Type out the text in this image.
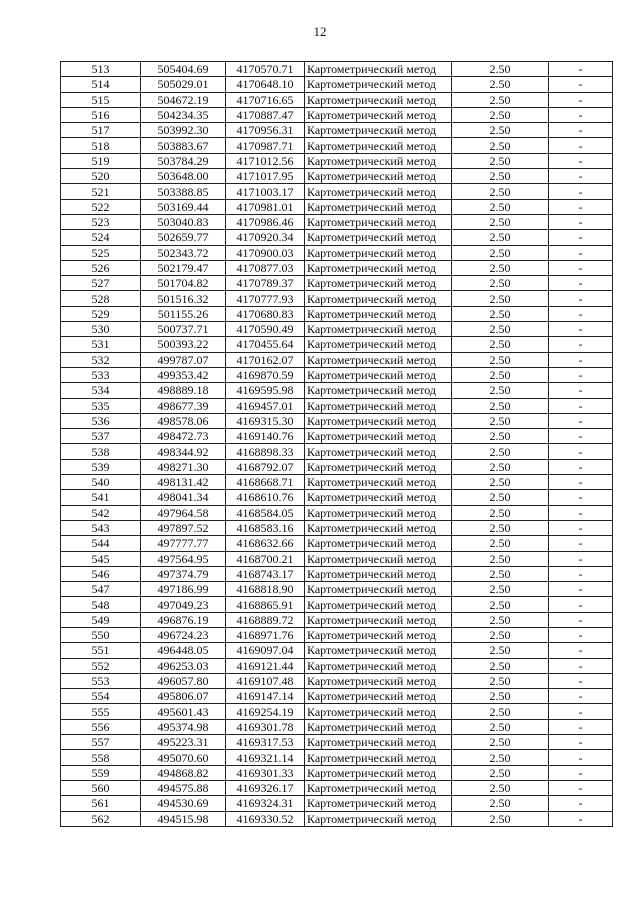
12
513	505404.69	4170570.71	Картометрический метод	2.50	-
514	505029.01	4170648.10	Картометрический метод	2.50	-
515	504672.19	4170716.65	Картометрический метод	2.50	-
516	504234.35	4170887.47	Картометрический метод	2.50	-
517	503992.30	4170956.31	Картометрический метод	2.50	-
518	503883.67	4170987.71	Картометрический метод	2.50	-
519	503784.29	4171012.56	Картометрический метод	2.50	-
520	503648.00	4171017.95	Картометрический метод	2.50	-
521	503388.85	4171003.17	Картометрический метод	2.50	-
522	503169.44	4170981.01	Картометрический метод	2.50	-
523	503040.83	4170986.46	Картометрический метод	2.50	-
524	502659.77	4170920.34	Картометрический метод	2.50	-
525	502343.72	4170900.03	Картометрический метод	2.50	-
526	502179.47	4170877.03	Картометрический метод	2.50	-
527	501704.82	4170789.37	Картометрический метод	2.50	-
528	501516.32	4170777.93	Картометрический метод	2.50	-
529	501155.26	4170680.83	Картометрический метод	2.50	-
530	500737.71	4170590.49	Картометрический метод	2.50	-
531	500393.22	4170455.64	Картометрический метод	2.50	-
532	499787.07	4170162.07	Картометрический метод	2.50	-
533	499353.42	4169870.59	Картометрический метод	2.50	-
534	498889.18	4169595.98	Картометрический метод	2.50	-
535	498677.39	4169457.01	Картометрический метод	2.50	-
536	498578.06	4169315.30	Картометрический метод	2.50	-
537	498472.73	4169140.76	Картометрический метод	2.50	-
538	498344.92	4168898.33	Картометрический метод	2.50	-
539	498271.30	4168792.07	Картометрический метод	2.50	-
540	498131.42	4168668.71	Картометрический метод	2.50	-
541	498041.34	4168610.76	Картометрический метод	2.50	-
542	497964.58	4168584.05	Картометрический метод	2.50	-
543	497897.52	4168583.16	Картометрический метод	2.50	-
544	497777.77	4168632.66	Картометрический метод	2.50	-
545	497564.95	4168700.21	Картометрический метод	2.50	-
546	497374.79	4168743.17	Картометрический метод	2.50	-
547	497186.99	4168818.90	Картометрический метод	2.50	-
548	497049.23	4168865.91	Картометрический метод	2.50	-
549	496876.19	4168889.72	Картометрический метод	2.50	-
550	496724.23	4168971.76	Картометрический метод	2.50	-
551	496448.05	4169097.04	Картометрический метод	2.50	-
552	496253.03	4169121.44	Картометрический метод	2.50	-
553	496057.80	4169107.48	Картометрический метод	2.50	-
554	495806.07	4169147.14	Картометрический метод	2.50	-
555	495601.43	4169254.19	Картометрический метод	2.50	-
556	495374.98	4169301.78	Картометрический метод	2.50	-
557	495223.31	4169317.53	Картометрический метод	2.50	-
558	495070.60	4169321.14	Картометрический метод	2.50	-
559	494868.82	4169301.33	Картометрический метод	2.50	-
560	494575.88	4169326.17	Картометрический метод	2.50	-
561	494530.69	4169324.31	Картометрический метод	2.50	-
562	494515.98	4169330.52	Картометрический метод	2.50	-
